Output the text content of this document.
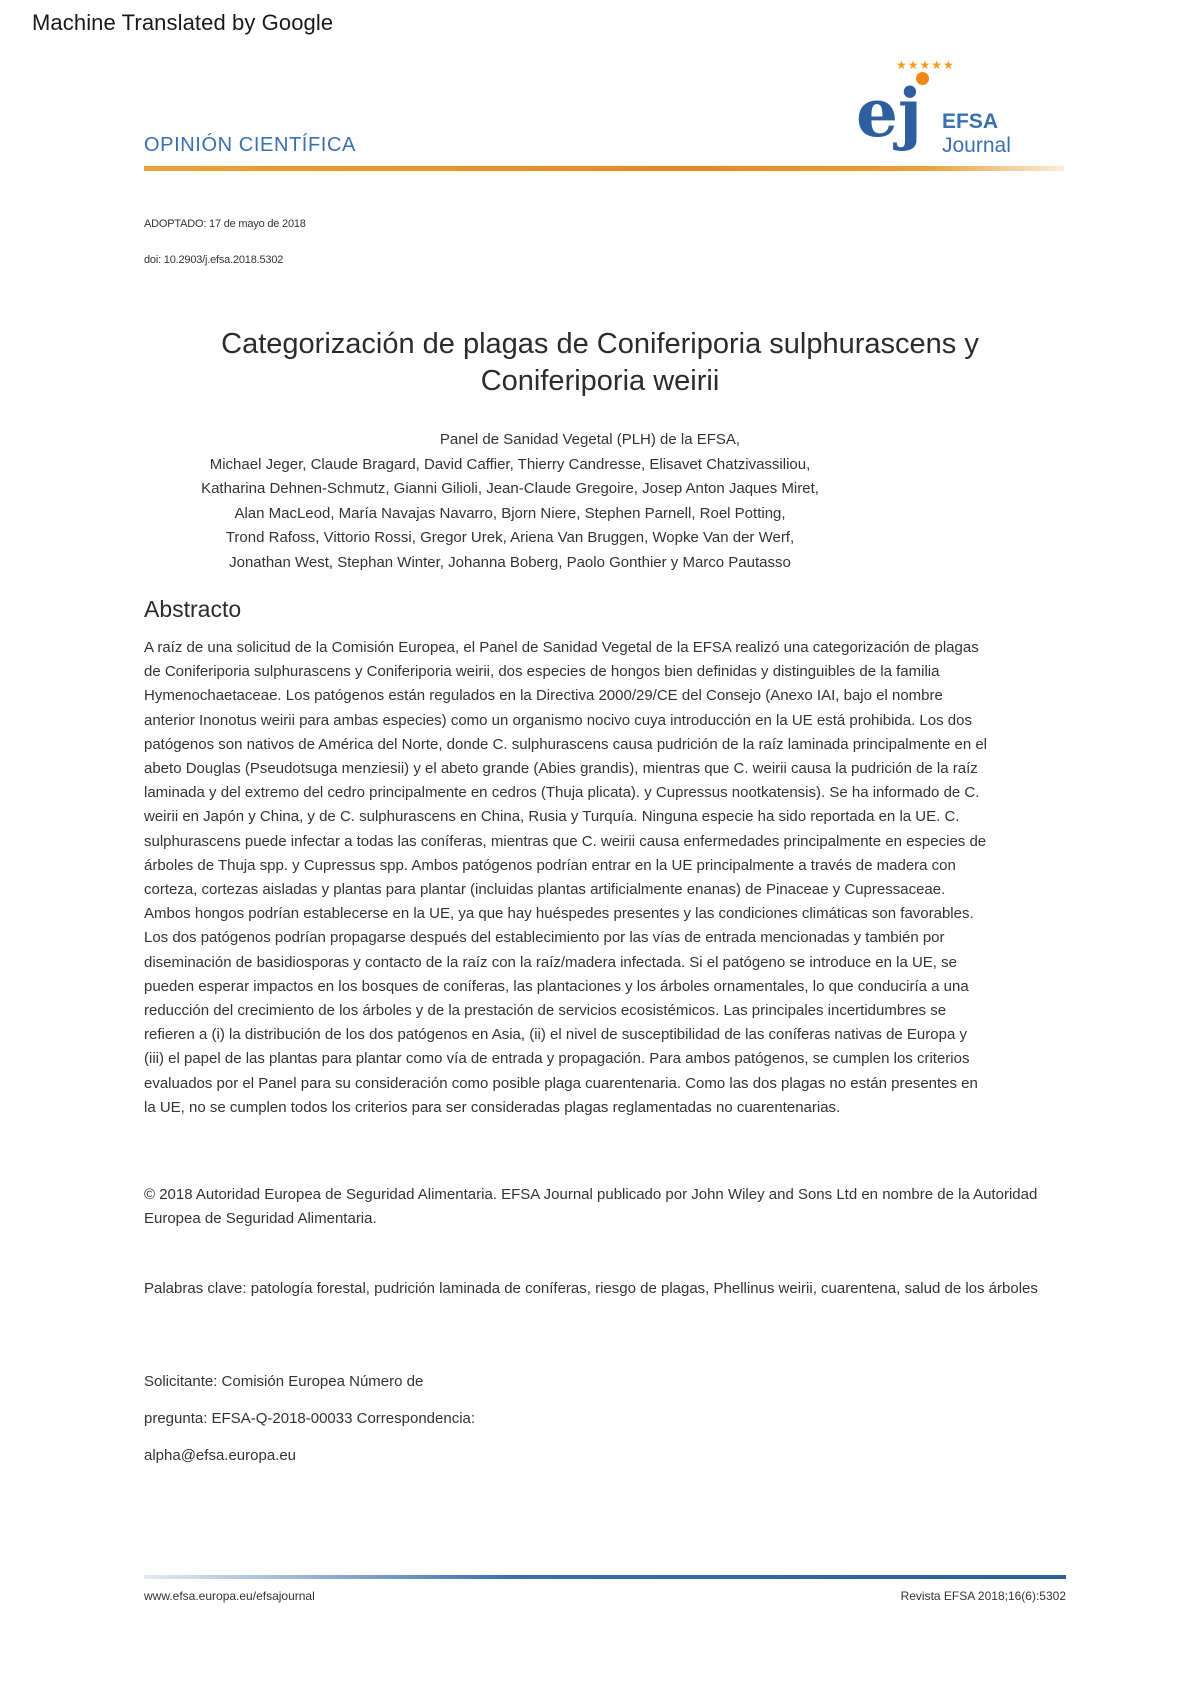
Machine Translated by Google
OPINIÓN CIENTÍFICA
★★★★★
ej EFSA Journal
ADOPTADO: 17 de mayo de 2018
doi: 10.2903/j.efsa.2018.5302
Categorización de plagas de Coniferiporia sulphurascens y
Coniferiporia weirii
Panel de Sanidad Vegetal (PLH) de la EFSA,
Michael Jeger, Claude Bragard, David Caffier, Thierry Candresse, Elisavet Chatzivassiliou,
Katharina Dehnen-Schmutz, Gianni Gilioli, Jean-Claude Gregoire, Josep Anton Jaques Miret,
Alan MacLeod, María Navajas Navarro, Bjorn Niere, Stephen Parnell, Roel Potting,
Trond Rafoss, Vittorio Rossi, Gregor Urek, Ariena Van Bruggen, Wopke Van der Werf,
Jonathan West, Stephan Winter, Johanna Boberg, Paolo Gonthier y Marco Pautasso
Abstracto
A raíz de una solicitud de la Comisión Europea, el Panel de Sanidad Vegetal de la EFSA realizó una categorización de plagas
de Coniferiporia sulphurascens y Coniferiporia weirii, dos especies de hongos bien definidas y distinguibles de la familia
Hymenochaetaceae. Los patógenos están regulados en la Directiva 2000/29/CE del Consejo (Anexo IAI, bajo el nombre
anterior Inonotus weirii para ambas especies) como un organismo nocivo cuya introducción en la UE está prohibida. Los dos
patógenos son nativos de América del Norte, donde C. sulphurascens causa pudrición de la raíz laminada principalmente en el
abeto Douglas (Pseudotsuga menziesii) y el abeto grande (Abies grandis), mientras que C. weirii causa la pudrición de la raíz
laminada y del extremo del cedro principalmente en cedros (Thuja plicata). y Cupressus nootkatensis). Se ha informado de C.
weirii en Japón y China, y de C. sulphurascens en China, Rusia y Turquía. Ninguna especie ha sido reportada en la UE. C.
sulphurascens puede infectar a todas las coníferas, mientras que C. weirii causa enfermedades principalmente en especies de
árboles de Thuja spp. y Cupressus spp. Ambos patógenos podrían entrar en la UE principalmente a través de madera con
corteza, cortezas aisladas y plantas para plantar (incluidas plantas artificialmente enanas) de Pinaceae y Cupressaceae.
Ambos hongos podrían establecerse en la UE, ya que hay huéspedes presentes y las condiciones climáticas son favorables.
Los dos patógenos podrían propagarse después del establecimiento por las vías de entrada mencionadas y también por
diseminación de basidiosporas y contacto de la raíz con la raíz/madera infectada. Si el patógeno se introduce en la UE, se
pueden esperar impactos en los bosques de coníferas, las plantaciones y los árboles ornamentales, lo que conduciría a una
reducción del crecimiento de los árboles y de la prestación de servicios ecosistémicos. Las principales incertidumbres se
refieren a (i) la distribución de los dos patógenos en Asia, (ii) el nivel de susceptibilidad de las coníferas nativas de Europa y
(iii) el papel de las plantas para plantar como vía de entrada y propagación. Para ambos patógenos, se cumplen los criterios
evaluados por el Panel para su consideración como posible plaga cuarentenaria. Como las dos plagas no están presentes en
la UE, no se cumplen todos los criterios para ser consideradas plagas reglamentadas no cuarentenarias.
© 2018 Autoridad Europea de Seguridad Alimentaria. EFSA Journal publicado por John Wiley and Sons Ltd en nombre de la Autoridad Europea de Seguridad Alimentaria.
Palabras clave: patología forestal, pudrición laminada de coníferas, riesgo de plagas, Phellinus weirii, cuarentena, salud de los árboles
Solicitante: Comisión Europea Número de
pregunta: EFSA-Q-2018-00033 Correspondencia:
alpha@efsa.europa.eu
www.efsa.europa.eu/efsajournal	Revista EFSA 2018;16(6):5302
